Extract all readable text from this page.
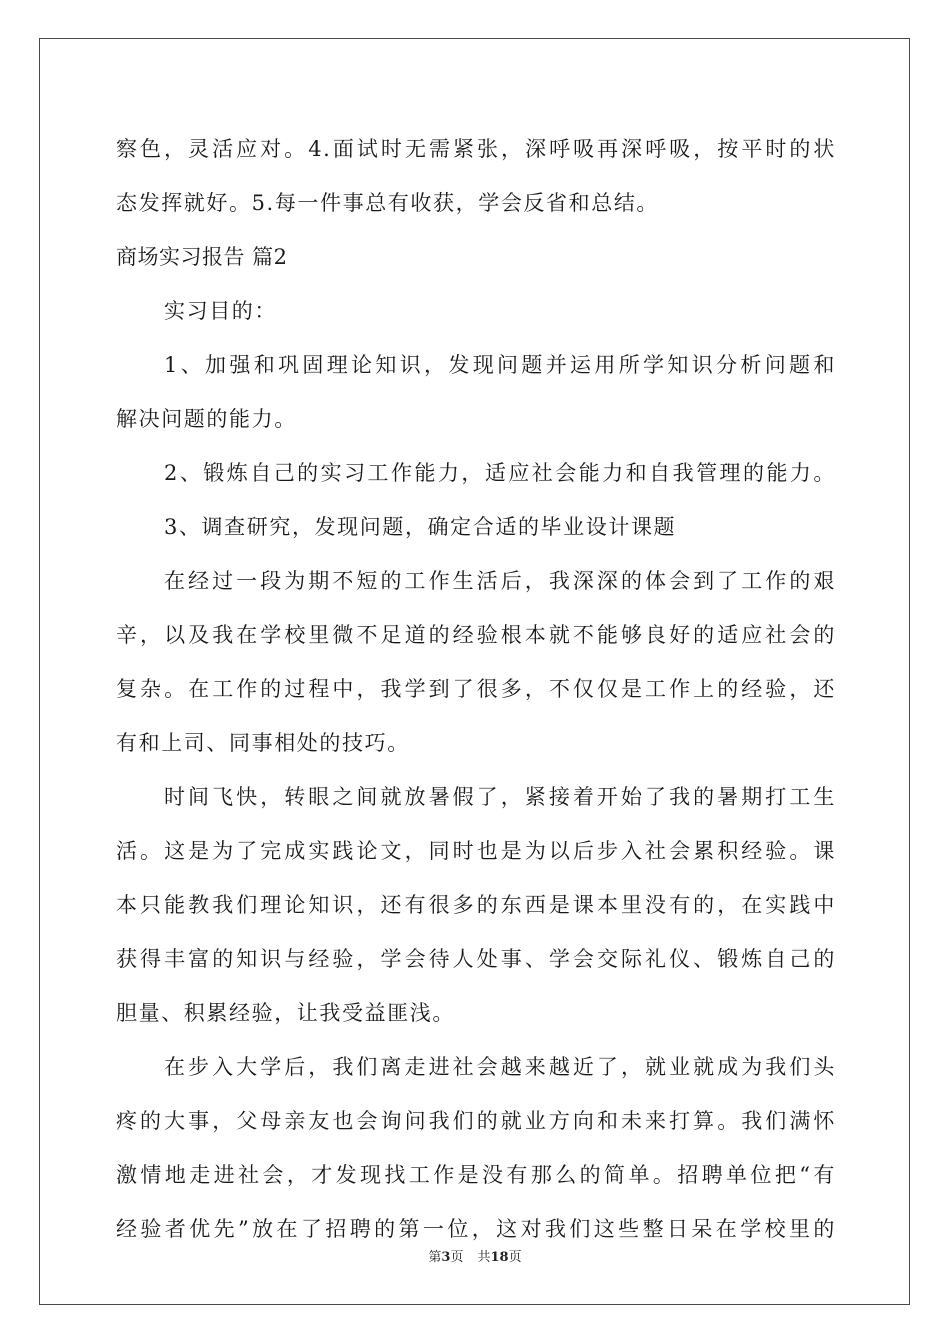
察色，灵活应对。4.面试时无需紧张，深呼吸再深呼吸，按平时的状

态发挥就好。5.每一件事总有收获，学会反省和总结。

商场实习报告 篇2

实习目的：

1、加强和巩固理论知识，发现问题并运用所学知识分析问题和

解决问题的能力。

2、锻炼自己的实习工作能力，适应社会能力和自我管理的能力。

3、调查研究，发现问题，确定合适的毕业设计课题

在经过一段为期不短的工作生活后，我深深的体会到了工作的艰

辛，以及我在学校里微不足道的经验根本就不能够良好的适应社会的

复杂。在工作的过程中，我学到了很多，不仅仅是工作上的经验，还

有和上司、同事相处的技巧。

时间飞快，转眼之间就放暑假了，紧接着开始了我的暑期打工生

活。这是为了完成实践论文，同时也是为以后步入社会累积经验。课

本只能教我们理论知识，还有很多的东西是课本里没有的，在实践中

获得丰富的知识与经验，学会待人处事、学会交际礼仪、锻炼自己的

胆量、积累经验，让我受益匪浅。

在步入大学后，我们离走进社会越来越近了，就业就成为我们头

疼的大事，父母亲友也会询问我们的就业方向和未来打算。我们满怀

激情地走进社会，才发现找工作是没有那么的简单。招聘单位把“有

经验者优先”放在了招聘的第一位，这对我们这些整日呆在学校里的

第3页 共18页
